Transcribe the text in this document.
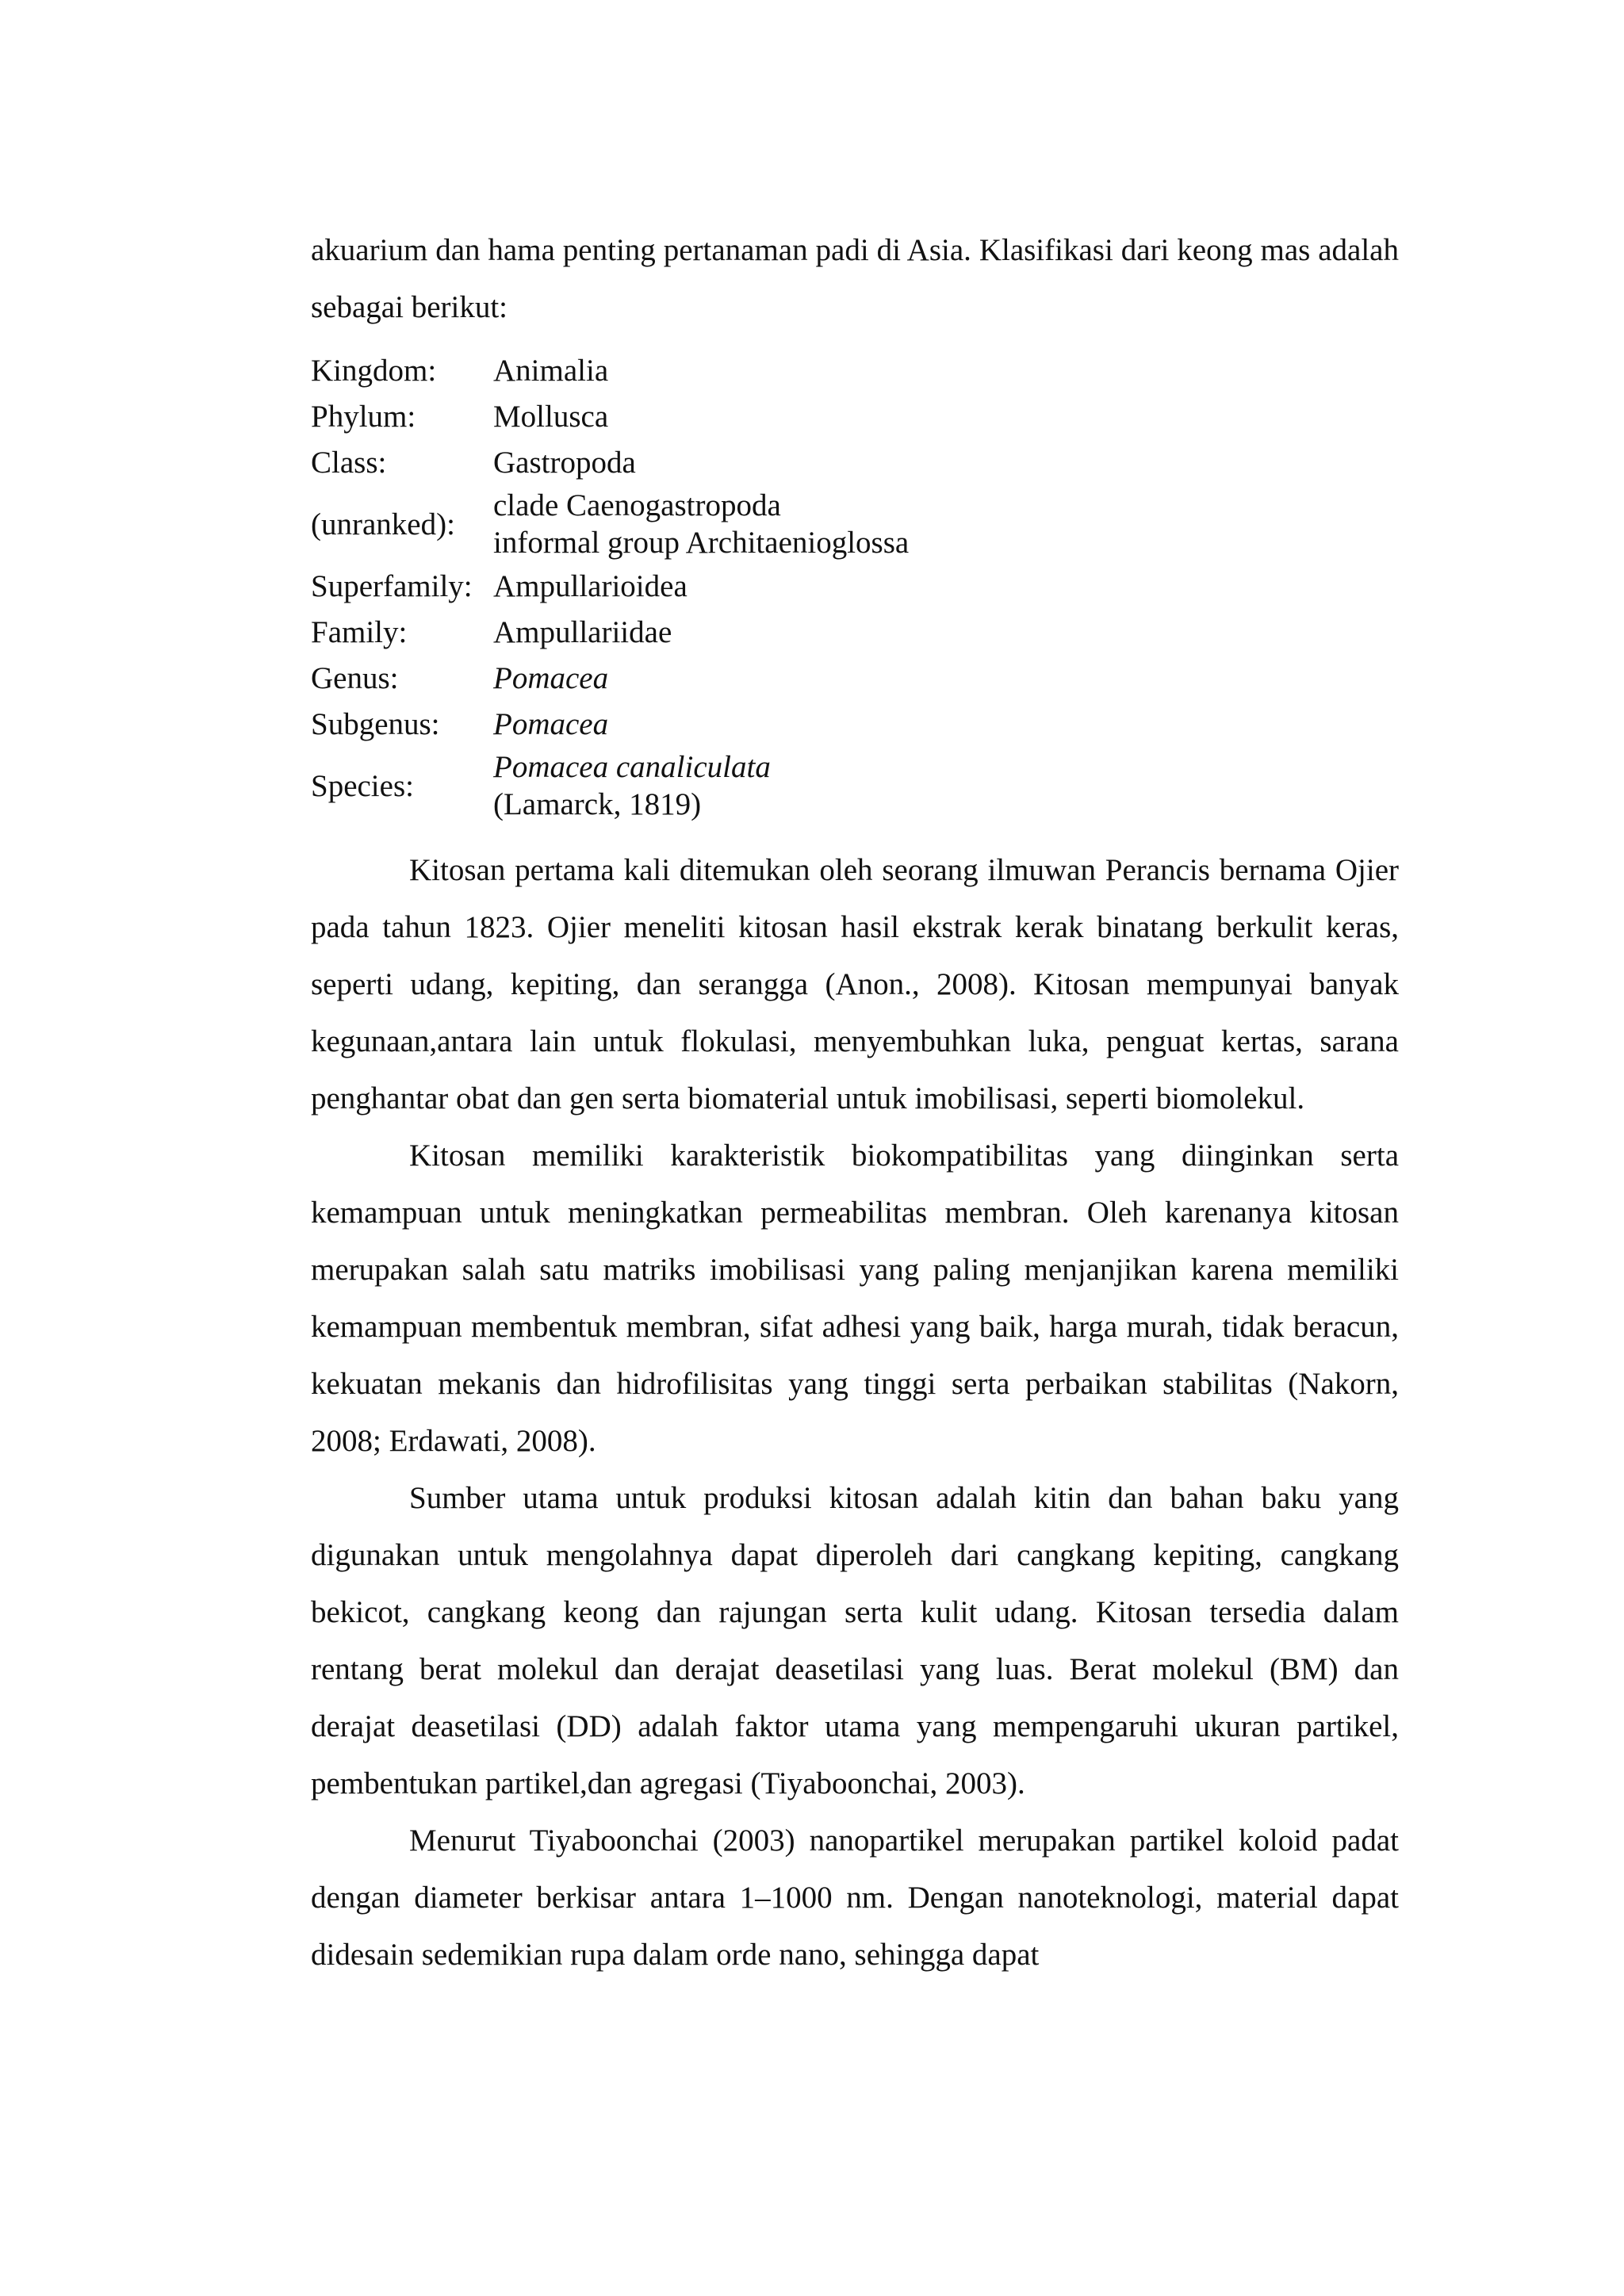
akuarium dan hama penting pertanaman padi di Asia. Klasifikasi dari keong mas adalah sebagai berikut:

Kingdom:	Animalia
Phylum:	Mollusca
Class:	Gastropoda
(unranked):	clade Caenogastropoda
informal group Architaenioglossa

Superfamily:	Ampullarioidea
Family:	Ampullariidae
Genus:	Pomacea
Subgenus:	Pomacea
Species:	Pomacea canaliculata
(Lamarck, 1819)

Kitosan pertama kali ditemukan oleh seorang ilmuwan Perancis bernama Ojier pada tahun 1823. Ojier meneliti kitosan hasil ekstrak kerak binatang berkulit keras, seperti udang, kepiting, dan serangga (Anon., 2008). Kitosan mempunyai banyak kegunaan,antara lain untuk flokulasi, menyembuhkan luka, penguat kertas, sarana penghantar obat dan gen serta biomaterial untuk imobilisasi, seperti biomolekul.

Kitosan memiliki karakteristik biokompatibilitas yang diinginkan serta kemampuan untuk meningkatkan permeabilitas membran. Oleh karenanya kitosan merupakan salah satu matriks imobilisasi yang paling menjanjikan karena memiliki kemampuan membentuk membran, sifat adhesi yang baik, harga murah, tidak beracun, kekuatan mekanis dan hidrofilisitas yang tinggi serta perbaikan stabilitas (Nakorn, 2008; Erdawati, 2008).

Sumber utama untuk produksi kitosan adalah kitin dan bahan baku yang digunakan untuk mengolahnya dapat diperoleh dari cangkang kepiting, cangkang bekicot, cangkang keong dan rajungan serta kulit udang. Kitosan tersedia dalam rentang berat molekul dan derajat deasetilasi yang luas. Berat molekul (BM) dan derajat deasetilasi (DD) adalah faktor utama yang mempengaruhi ukuran partikel, pembentukan partikel,dan agregasi (Tiyaboonchai, 2003).

Menurut Tiyaboonchai (2003) nanopartikel merupakan partikel koloid padat dengan diameter berkisar antara 1–1000 nm. Dengan nanoteknologi, material dapat didesain sedemikian rupa dalam orde nano, sehingga dapat
